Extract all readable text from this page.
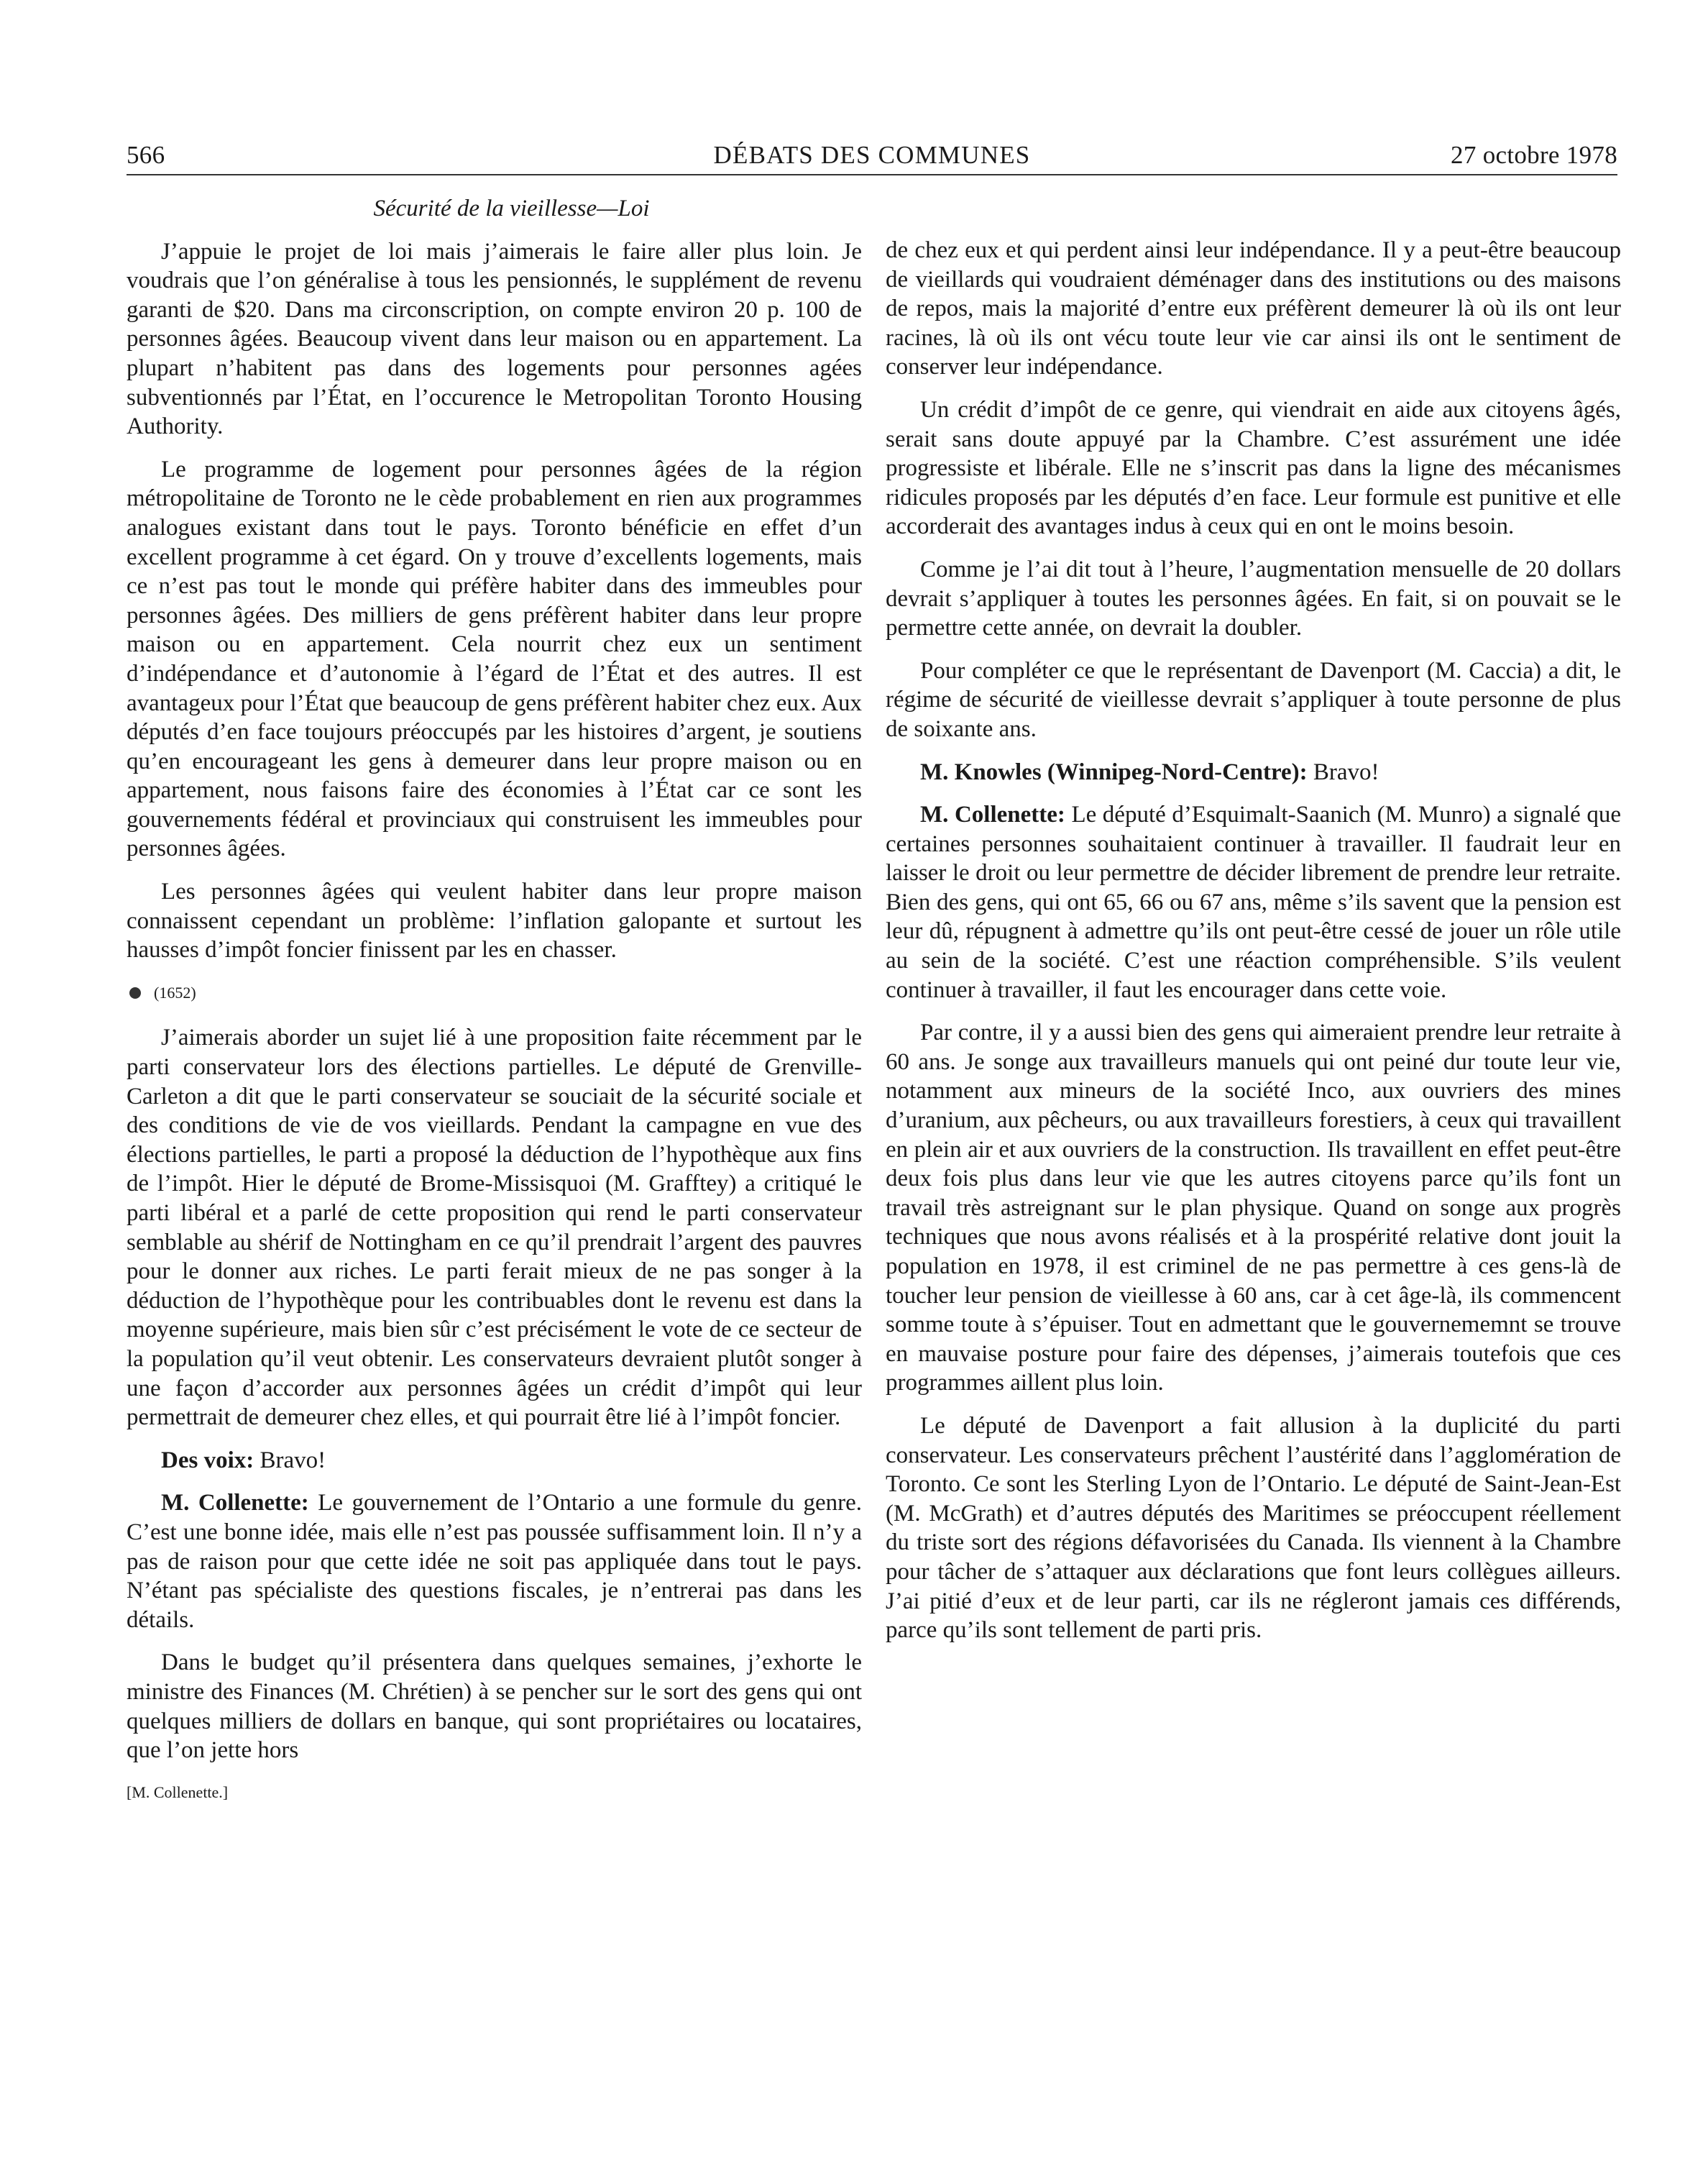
566	DÉBATS DES COMMUNES	27 octobre 1978

Sécurité de la vieillesse—Loi

J’appuie le projet de loi mais j’aimerais le faire aller plus loin. Je voudrais que l’on généralise à tous les pensionnés, le supplément de revenu garanti de $20. Dans ma circonscription, on compte environ 20 p. 100 de personnes âgées. Beaucoup vivent dans leur maison ou en appartement. La plupart n’habitent pas dans des logements pour personnes agées subventionnés par l’État, en l’occurence le Metropolitan Toronto Housing Authority.

Le programme de logement pour personnes âgées de la région métropolitaine de Toronto ne le cède probablement en rien aux programmes analogues existant dans tout le pays. Toronto bénéficie en effet d’un excellent programme à cet égard. On y trouve d’excellents logements, mais ce n’est pas tout le monde qui préfère habiter dans des immeubles pour personnes âgées. Des milliers de gens préfèrent habiter dans leur propre maison ou en appartement. Cela nourrit chez eux un sentiment d’indépendance et d’autonomie à l’égard de l’État et des autres. Il est avantageux pour l’État que beaucoup de gens préfèrent habiter chez eux. Aux députés d’en face toujours préoccupés par les histoires d’argent, je soutiens qu’en encourageant les gens à demeurer dans leur propre maison ou en appartement, nous faisons faire des économies à l’État car ce sont les gouvernements fédéral et provinciaux qui construisent les immeubles pour personnes âgées.

Les personnes âgées qui veulent habiter dans leur propre maison connaissent cependant un problème: l’inflation galopante et surtout les hausses d’impôt foncier finissent par les en chasser.

(1652)

J’aimerais aborder un sujet lié à une proposition faite récemment par le parti conservateur lors des élections partielles. Le député de Grenville-Carleton a dit que le parti conservateur se souciait de la sécurité sociale et des conditions de vie de vos vieillards. Pendant la campagne en vue des élections partielles, le parti a proposé la déduction de l’hypothèque aux fins de l’impôt. Hier le député de Brome-Missisquoi (M. Grafftey) a critiqué le parti libéral et a parlé de cette proposition qui rend le parti conservateur semblable au shérif de Nottingham en ce qu’il prendrait l’argent des pauvres pour le donner aux riches. Le parti ferait mieux de ne pas songer à la déduction de l’hypothèque pour les contribuables dont le revenu est dans la moyenne supérieure, mais bien sûr c’est précisément le vote de ce secteur de la population qu’il veut obtenir. Les conservateurs devraient plutôt songer à une façon d’accorder aux personnes âgées un crédit d’impôt qui leur permettrait de demeurer chez elles, et qui pourrait être lié à l’impôt foncier.

Des voix: Bravo!

M. Collenette: Le gouvernement de l’Ontario a une formule du genre. C’est une bonne idée, mais elle n’est pas poussée suffisamment loin. Il n’y a pas de raison pour que cette idée ne soit pas appliquée dans tout le pays. N’étant pas spécialiste des questions fiscales, je n’entrerai pas dans les détails.

Dans le budget qu’il présentera dans quelques semaines, j’exhorte le ministre des Finances (M. Chrétien) à se pencher sur le sort des gens qui ont quelques milliers de dollars en banque, qui sont propriétaires ou locataires, que l’on jette hors

[M. Collenette.]

de chez eux et qui perdent ainsi leur indépendance. Il y a peut-être beaucoup de vieillards qui voudraient déménager dans des institutions ou des maisons de repos, mais la majorité d’entre eux préfèrent demeurer là où ils ont leur racines, là où ils ont vécu toute leur vie car ainsi ils ont le sentiment de conserver leur indépendance.

Un crédit d’impôt de ce genre, qui viendrait en aide aux citoyens âgés, serait sans doute appuyé par la Chambre. C’est assurément une idée progressiste et libérale. Elle ne s’inscrit pas dans la ligne des mécanismes ridicules proposés par les députés d’en face. Leur formule est punitive et elle accorderait des avantages indus à ceux qui en ont le moins besoin.

Comme je l’ai dit tout à l’heure, l’augmentation mensuelle de 20 dollars devrait s’appliquer à toutes les personnes âgées. En fait, si on pouvait se le permettre cette année, on devrait la doubler.

Pour compléter ce que le représentant de Davenport (M. Caccia) a dit, le régime de sécurité de vieillesse devrait s’appliquer à toute personne de plus de soixante ans.

M. Knowles (Winnipeg-Nord-Centre): Bravo!

M. Collenette: Le député d’Esquimalt-Saanich (M. Munro) a signalé que certaines personnes souhaitaient continuer à travailler. Il faudrait leur en laisser le droit ou leur permettre de décider librement de prendre leur retraite. Bien des gens, qui ont 65, 66 ou 67 ans, même s’ils savent que la pension est leur dû, répugnent à admettre qu’ils ont peut-être cessé de jouer un rôle utile au sein de la société. C’est une réaction compréhensible. S’ils veulent continuer à travailler, il faut les encourager dans cette voie.

Par contre, il y a aussi bien des gens qui aimeraient prendre leur retraite à 60 ans. Je songe aux travailleurs manuels qui ont peiné dur toute leur vie, notamment aux mineurs de la société Inco, aux ouvriers des mines d’uranium, aux pêcheurs, ou aux travailleurs forestiers, à ceux qui travaillent en plein air et aux ouvriers de la construction. Ils travaillent en effet peut-être deux fois plus dans leur vie que les autres citoyens parce qu’ils font un travail très astreignant sur le plan physique. Quand on songe aux progrès techniques que nous avons réalisés et à la prospérité relative dont jouit la population en 1978, il est criminel de ne pas permettre à ces gens-là de toucher leur pension de vieillesse à 60 ans, car à cet âge-là, ils commencent somme toute à s’épuiser. Tout en admettant que le gouvernememnt se trouve en mauvaise posture pour faire des dépenses, j’aimerais toutefois que ces programmes aillent plus loin.

Le député de Davenport a fait allusion à la duplicité du parti conservateur. Les conservateurs prêchent l’austérité dans l’agglomération de Toronto. Ce sont les Sterling Lyon de l’Ontario. Le député de Saint-Jean-Est (M. McGrath) et d’autres députés des Maritimes se préoccupent réellement du triste sort des régions défavorisées du Canada. Ils viennent à la Chambre pour tâcher de s’attaquer aux déclarations que font leurs collègues ailleurs. J’ai pitié d’eux et de leur parti, car ils ne régleront jamais ces différends, parce qu’ils sont tellement de parti pris.
